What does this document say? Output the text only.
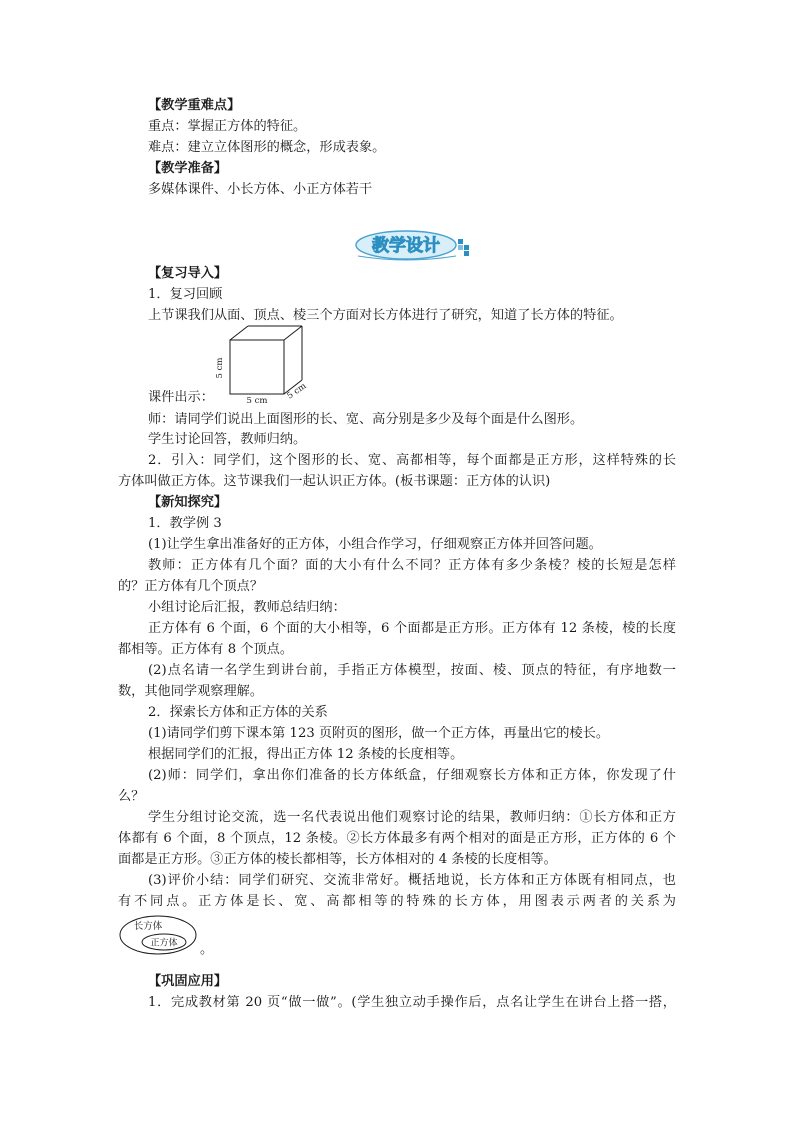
【教学重难点】
重点：掌握正方体的特征。
难点：建立立体图形的概念，形成表象。
【教学准备】
多媒体课件、小长方体、小正方体若干
教学设计
【复习导入】
1．复习回顾
上节课我们从面、顶点、棱三个方面对长方体进行了研究，知道了长方体的特征。
5 cm
5 cm 5 cm
课件出示：
师：请同学们说出上面图形的长、宽、高分别是多少及每个面是什么图形。
学生讨论回答，教师归纳。
2．引入：同学们，这个图形的长、宽、高都相等，每个面都是正方形，这样特殊的长
方体叫做正方体。这节课我们一起认识正方体。(板书课题：正方体的认识)
【新知探究】
1．教学例 3
(1)让学生拿出准备好的正方体，小组合作学习，仔细观察正方体并回答问题。
教师：正方体有几个面？面的大小有什么不同？正方体有多少条棱？棱的长短是怎样
的？正方体有几个顶点？
小组讨论后汇报，教师总结归纳：
正方体有 6 个面，6 个面的大小相等，6 个面都是正方形。正方体有 12 条棱，棱的长度
都相等。正方体有 8 个顶点。
(2)点名请一名学生到讲台前，手指正方体模型，按面、棱、顶点的特征，有序地数一
数，其他同学观察理解。
2．探索长方体和正方体的关系
(1)请同学们剪下课本第 123 页附页的图形，做一个正方体，再量出它的棱长。
根据同学们的汇报，得出正方体 12 条棱的长度相等。
(2)师：同学们，拿出你们准备的长方体纸盒，仔细观察长方体和正方体，你发现了什
么？
学生分组讨论交流，选一名代表说出他们观察讨论的结果，教师归纳：①长方体和正方
体都有 6 个面，8 个顶点，12 条棱。②长方体最多有两个相对的面是正方形，正方体的 6 个
面都是正方形。③正方体的棱长都相等，长方体相对的 4 条棱的长度相等。
(3)评价小结：同学们研究、交流非常好。概括地说，长方体和正方体既有相同点，也
有不同点。正方体是长、宽、高都相等的特殊的长方体，用图表示两者的关系为
长方体
正方体 。
【巩固应用】
1．完成教材第 20 页“做一做”。(学生独立动手操作后，点名让学生在讲台上搭一搭，
